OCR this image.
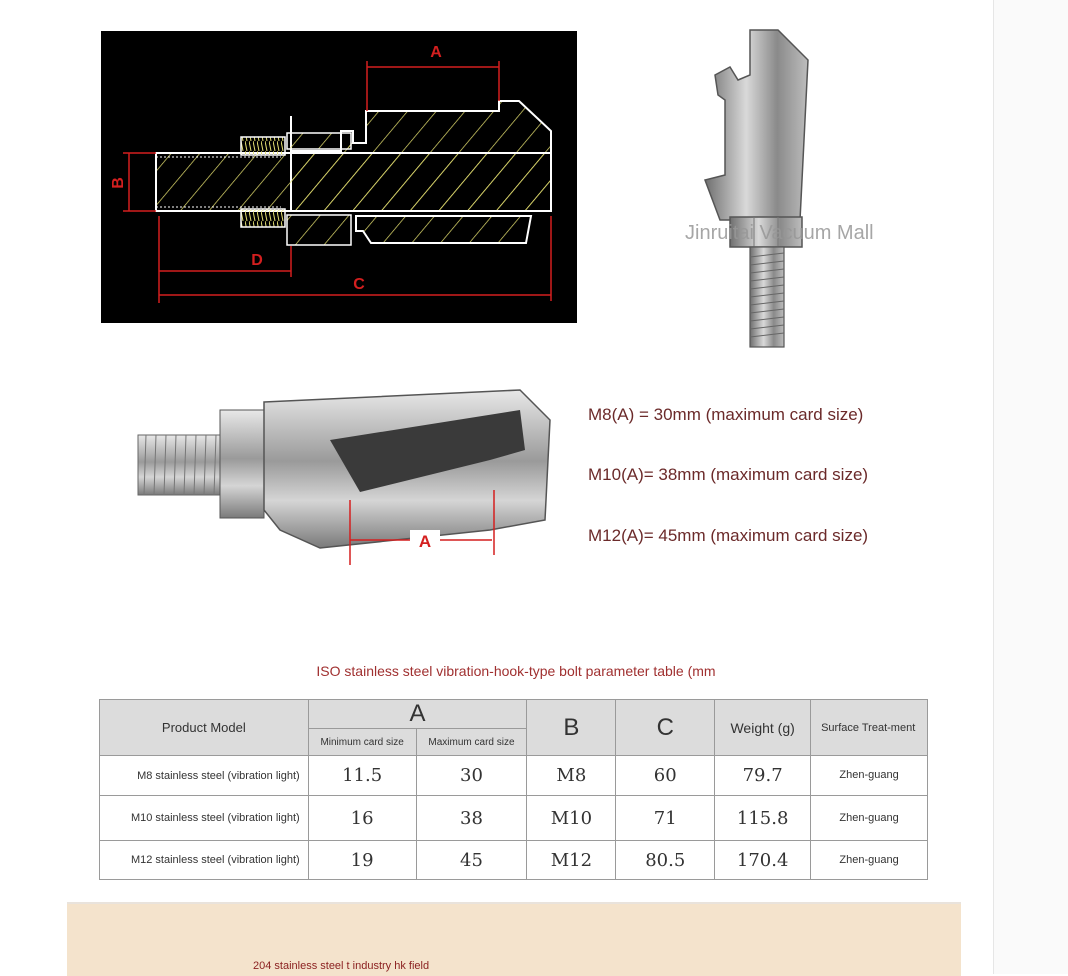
A
B
D
C
Jinruitai Vacuum Mall
A
M8(A) = 30mm (maximum card size)
M10(A)= 38mm (maximum card size)
M12(A)= 45mm (maximum card size)
ISO stainless steel vibration-hook-type bolt parameter table (mm
Product Model	A		B	C	Weight (g)	Surface Treat-ment
	Minimum card size	Maximum card size				
M8 stainless steel (vibration light)	11.5	30	M8	60	79.7	Zhen-guang
M10 stainless steel (vibration light)	16	38	M10	71	115.8	Zhen-guang
M12 stainless steel (vibration light)	19	45	M12	80.5	170.4	Zhen-guang
204 stainless steel t industry hk field
